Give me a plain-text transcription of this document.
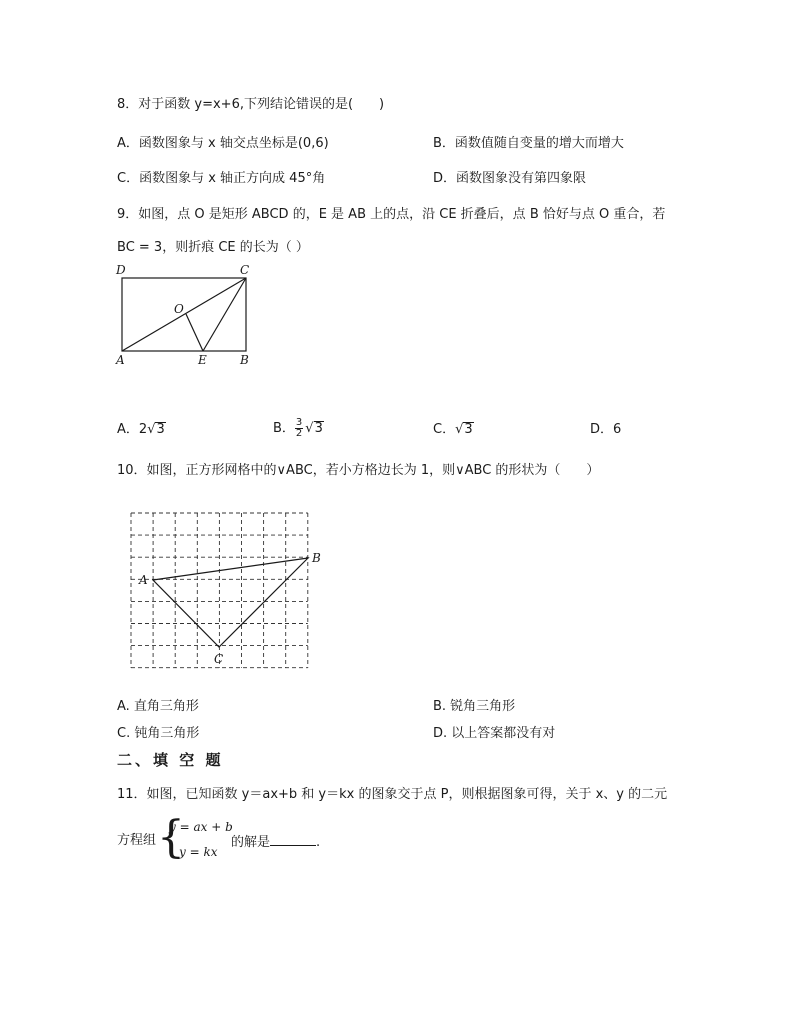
8．对于函数 y=x+6,下列结论错误的是(　　)
A．函数图象与 x 轴交点坐标是(0,6)	B．函数值随自变量的增大而增大
C．函数图象与 x 轴正方向成 45°角	D．函数图象没有第四象限
9．如图，点 O 是矩形 ABCD 的，E 是 AB 上的点，沿 CE 折叠后，点 B 恰好与点 O 重合，若
BC = 3，则折痕 CE 的长为（ ）
D	C
O
A	E	B
A．2√3	B． $\frac{3}{2} √3$	C．√3	D．6
10．如图，正方形网格中的∨ABC，若小方格边长为 1，则∨ABC 的形状为（　　）
A
B
C
A. 直角三角形	B. 锐角三角形
C. 钝角三角形	D. 以上答案都没有对
二、填 空 题
11．如图，已知函数 y＝ax+b 和 y＝kx 的图象交于点 P，则根据图象可得，关于 x、y 的二元
方程组 {
y = ax + b
y = kx
的解是	.
